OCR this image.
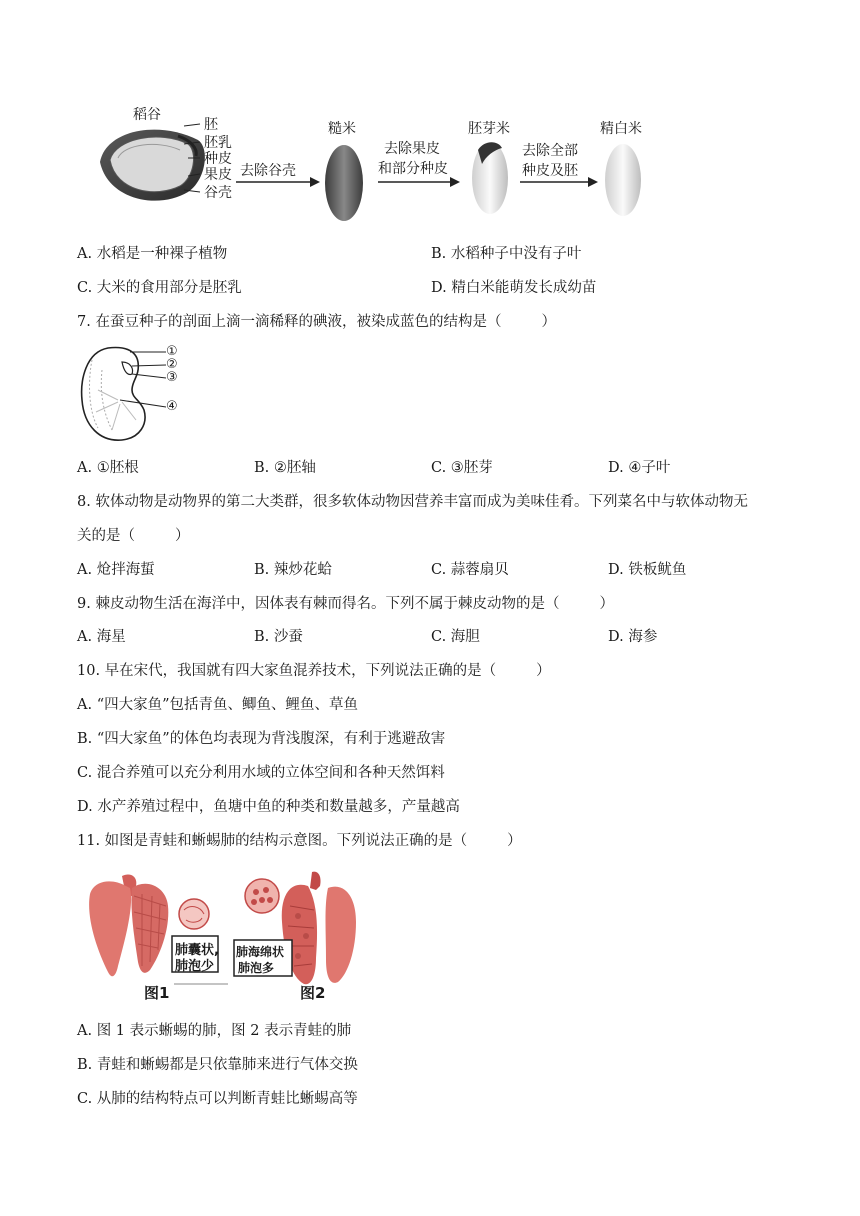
稻谷
胚
胚乳
种皮
果皮
谷壳
去除谷壳
糙米
去除果皮
和部分种皮
胚芽米
去除全部
种皮及胚
精白米
A. 水稻是一种裸子植物	B. 水稻种子中没有子叶
C. 大米的食用部分是胚乳	D. 精白米能萌发长成幼苗
7. 在蚕豆种子的剖面上滴一滴稀释的碘液，被染成蓝色的结构是（	）
①
②
③
④
A. ①胚根	B. ②胚轴	C. ③胚芽	D. ④子叶
8. 软体动物是动物界的第二大类群，很多软体动物因营养丰富而成为美味佳肴。下列菜名中与软体动物无
关的是（	）
A. 炝拌海蜇	B. 辣炒花蛤	C. 蒜蓉扇贝	D. 铁板鱿鱼
9. 棘皮动物生活在海洋中，因体表有棘而得名。下列不属于棘皮动物的是（	）
A. 海星	B. 沙蚕	C. 海胆	D. 海参
10. 早在宋代，我国就有四大家鱼混养技术，下列说法正确的是（	）
A. “四大家鱼”包括青鱼、鲫鱼、鲤鱼、草鱼
B. “四大家鱼”的体色均表现为背浅腹深，有利于逃避敌害
C. 混合养殖可以充分利用水域的立体空间和各种天然饵料
D. 水产养殖过程中，鱼塘中鱼的种类和数量越多，产量越高
11. 如图是青蛙和蜥蜴肺的结构示意图。下列说法正确的是（	）
肺囊状,
肺泡少
肺海绵状
肺泡多
图1	图2
A. 图 1 表示蜥蜴的肺，图 2 表示青蛙的肺
B. 青蛙和蜥蜴都是只依靠肺来进行气体交换
C. 从肺的结构特点可以判断青蛙比蜥蜴高等
